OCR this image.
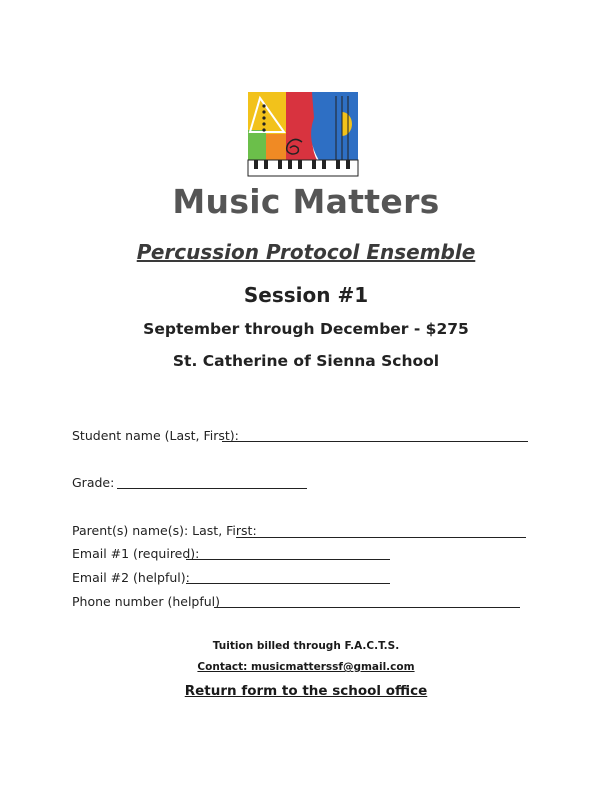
Music Matters
Percussion Protocol Ensemble
Session #1
September through December - $275
St. Catherine of Sienna School
Student name (Last, First):
Grade:
Parent(s) name(s): Last, First:
Email #1 (required):
Email #2 (helpful):
Phone number (helpful)
Tuition billed through F.A.C.T.S.
Contact: musicmatterssf@gmail.com
Return form to the school office
